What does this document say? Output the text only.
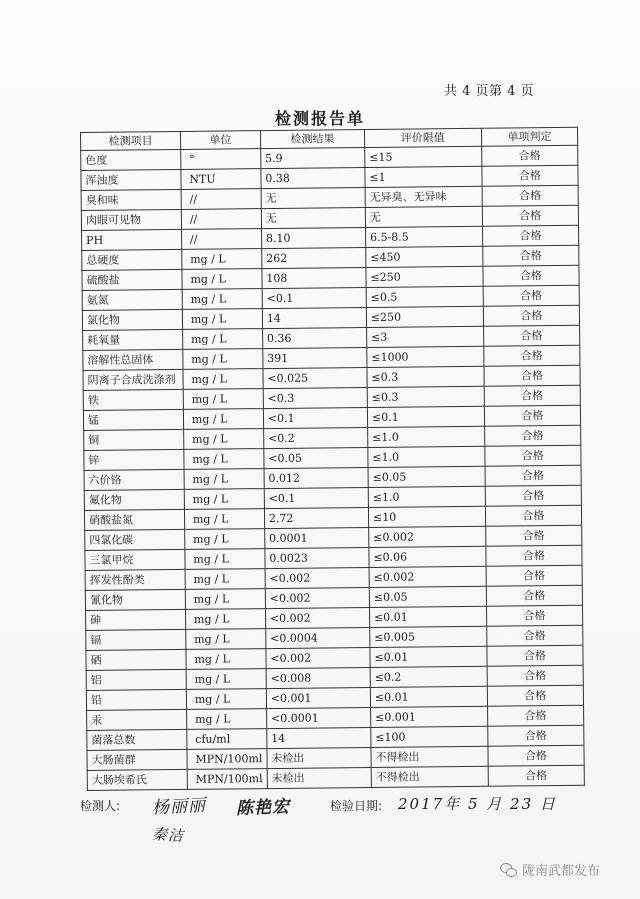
共 4 页第 4 页
检测报告单
检测项目	单位	检测结果	评价限值	单项判定
色度	°	5.9	≤15	合格
浑浊度	NTU	0.38	≤1	合格
臭和味	//	无	无异臭、无异味	合格
肉眼可见物	//	无	无	合格
PH	//	8.10	6.5-8.5	合格
总硬度	mg / L	262	≤450	合格
硫酸盐	mg / L	108	≤250	合格
氨氮	mg / L	<0.1	≤0.5	合格
氯化物	mg / L	14	≤250	合格
耗氧量	mg / L	0.36	≤3	合格
溶解性总固体	mg / L	391	≤1000	合格
阴离子合成洗涤剂	mg / L	<0.025	≤0.3	合格
铁	mg / L	<0.3	≤0.3	合格
锰	mg / L	<0.1	≤0.1	合格
铜	mg / L	<0.2	≤1.0	合格
锌	mg / L	<0.05	≤1.0	合格
六价铬	mg / L	0.012	≤0.05	合格
氟化物	mg / L	<0.1	≤1.0	合格
硝酸盐氮	mg / L	2.72	≤10	合格
四氯化碳	mg / L	0.0001	≤0.002	合格
三氯甲烷	mg / L	0.0023	≤0.06	合格
挥发性酚类	mg / L	<0.002	≤0.002	合格
氰化物	mg / L	<0.002	≤0.05	合格
砷	mg / L	<0.002	≤0.01	合格
镉	mg / L	<0.0004	≤0.005	合格
硒	mg / L	<0.002	≤0.01	合格
铝	mg / L	<0.008	≤0.2	合格
铅	mg / L	<0.001	≤0.01	合格
汞	mg / L	<0.0001	≤0.001	合格
菌落总数	cfu/ml	14	≤100	合格
大肠菌群	MPN/100ml	未检出	不得检出	合格
大肠埃希氏	MPN/100ml	未检出	不得检出	合格
检测人: 杨丽丽 陈艳宏
秦洁
检验日期: 2017年 5 月 23 日
陇南武都发布
